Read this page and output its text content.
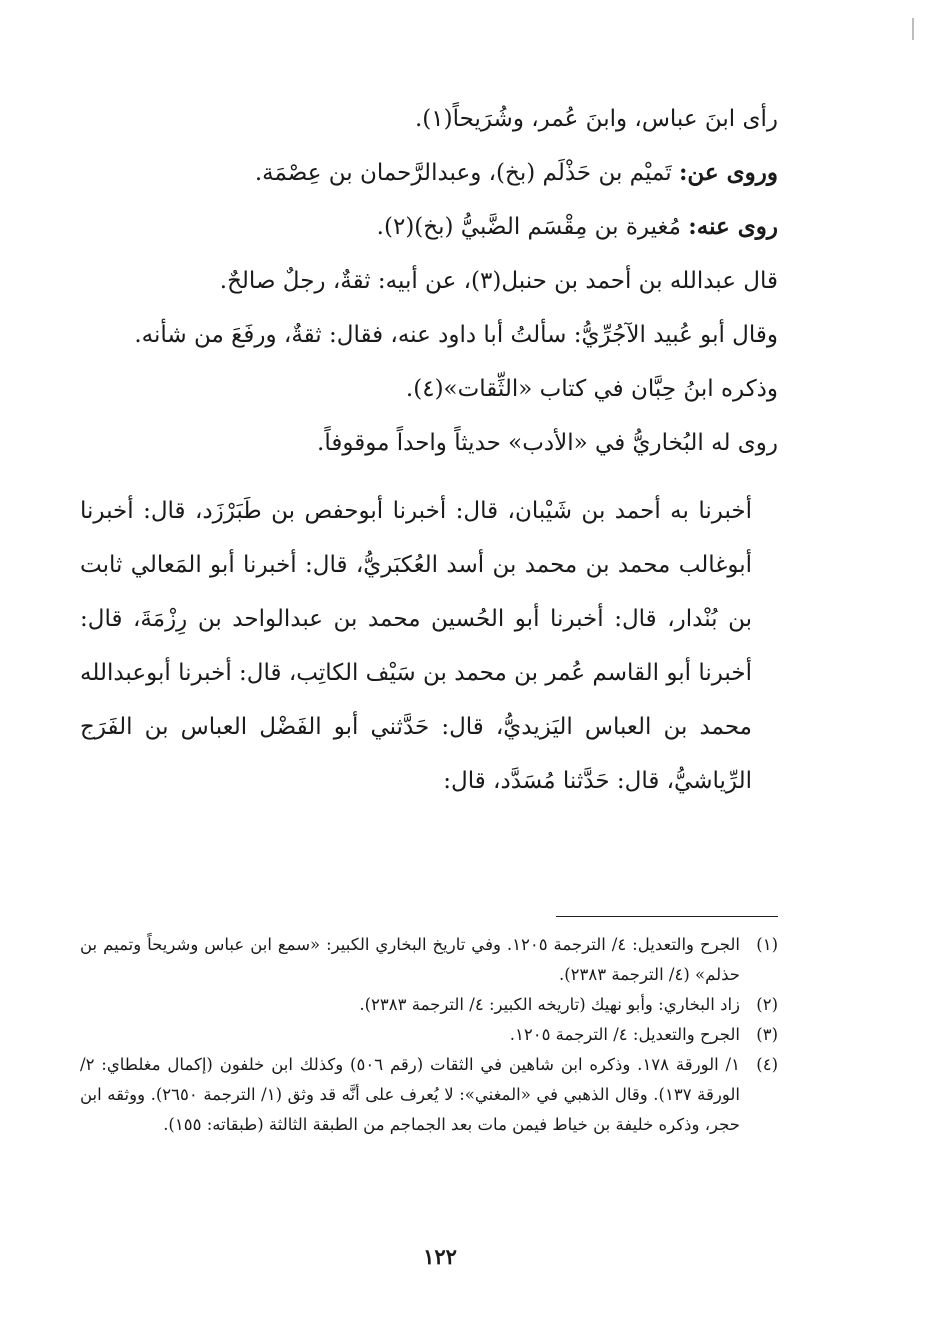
رأى ابنَ عباس، وابنَ عُمر، وشُرَيحاً(١).

وروى عن: تَميْم بن حَذْلَم (بخ)، وعبدالرَّحمان بن عِصْمَة.

روى عنه: مُغيرة بن مِقْسَم الضَّبيُّ (بخ)(٢).

قال عبدالله بن أحمد بن حنبل(٣)، عن أبيه: ثقةٌ، رجلٌ صالحٌ.

وقال أبو عُبيد الآجُرِّيُّ: سألتُ أبا داود عنه، فقال: ثقةٌ، ورفَعَ من شأنه.

وذكره ابنُ حِبَّان في كتاب «الثِّقات»(٤).

روى له البُخاريُّ في «الأدب» حديثاً واحداً موقوفاً.

أخبرنا به أحمد بن شَيْبان، قال: أخبرنا أبوحفص بن طَبَرْزَد، قال: أخبرنا أبوغالب محمد بن محمد بن أسد العُكبَريُّ، قال: أخبرنا أبو المَعالي ثابت بن بُنْدار، قال: أخبرنا أبو الحُسين محمد بن عبدالواحد بن رِزْمَةَ، قال: أخبرنا أبو القاسم عُمر بن محمد بن سَيْف الكاتِب، قال: أخبرنا أبوعبدالله محمد بن العباس اليَزيديُّ، قال: حَدَّثني أبو الفَضْل العباس بن الفَرَج الرِّياشيُّ، قال: حَدَّثنا مُسَدَّد، قال:

(١)
الجرح والتعديل: ٤/ الترجمة ١٢٠٥. وفي تاريخ البخاري الكبير: «سمع ابن عباس وشريحاً وتميم بن حذلم» (٤/ الترجمة ٢٣٨٣).
(٢)
زاد البخاري: وأبو نهيك (تاريخه الكبير: ٤/ الترجمة ٢٣٨٣).
(٣)
الجرح والتعديل: ٤/ الترجمة ١٢٠٥.
(٤)
١/ الورقة ١٧٨. وذكره ابن شاهين في الثقات (رقم ٥٠٦) وكذلك ابن خلفون (إكمال مغلطاي: ٢/ الورقة ١٣٧). وقال الذهبي في «المغني»: لا يُعرف على أنَّه قد وثق (١/ الترجمة ٢٦٥٠). ووثقه ابن حجر، وذكره خليفة بن خياط فيمن مات بعد الجماجم من الطبقة الثالثة (طبقاته: ١٥٥).
١٢٢
